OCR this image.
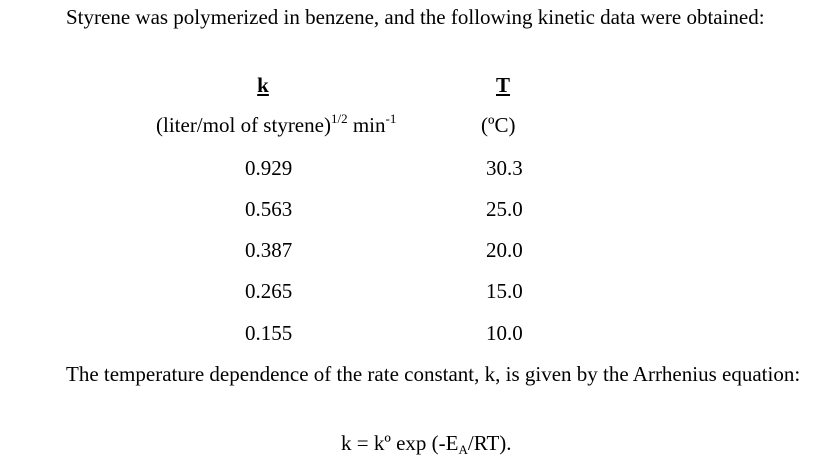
Styrene was polymerized in benzene, and the following kinetic data were obtained:

k	T
(liter/mol of styrene)$^{1/2}$ $\min^{-1}$	(ºC)
0.929	30.3
0.563	25.0
0.387	20.0
0.265	15.0
0.155	10.0

The temperature dependence of the rate constant, k, is given by the Arrhenius equation:

k = kº $\exp (-E_A/RT)$.
